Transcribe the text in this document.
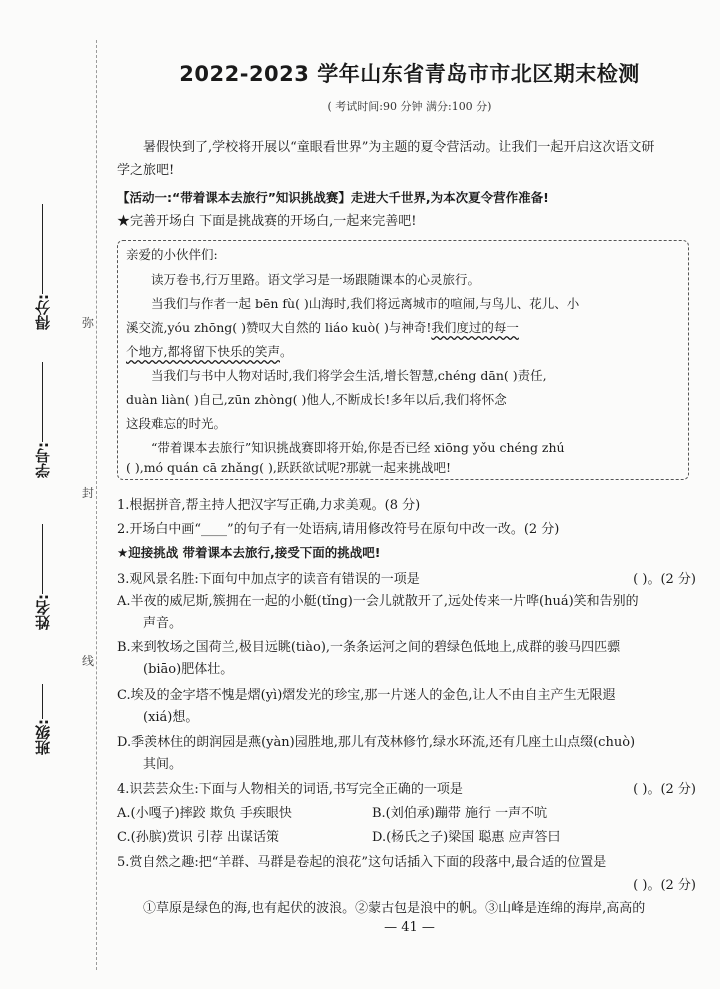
弥
封
线
得分:
学号:
姓名:
班级:
2022-2023 学年山东省青岛市市北区期末检测
( 考试时间:90 分钟 满分:100 分)
暑假快到了,学校将开展以“童眼看世界”为主题的夏令营活动。让我们一起开启这次语文研
学之旅吧!
【活动一:“带着课本去旅行”知识挑战赛】走进大千世界,为本次夏令营作准备!
★完善开场白 下面是挑战赛的开场白,一起来完善吧!
亲爱的小伙伴们:
读万卷书,行万里路。语文学习是一场跟随课本的心灵旅行。
当我们与作者一起 bēn fù( )山海时,我们将远离城市的喧闹,与鸟儿、花儿、小
溪交流,yóu zhōng( )赞叹大自然的 liáo kuò( )与神奇!我们度过的每一
个地方,都将留下快乐的笑声。
当我们与书中人物对话时,我们将学会生活,增长智慧,chéng dān( )责任,
duàn liàn( )自己,zūn zhòng( )他人,不断成长!多年以后,我们将怀念
这段难忘的时光。
“带着课本去旅行”知识挑战赛即将开始,你是否已经 xiōng yǒu chéng zhú
( ),mó quán cā zhǎng( ),跃跃欲试呢?那就一起来挑战吧!
1.根据拼音,帮主持人把汉字写正确,力求美观。(8 分)
2.开场白中画“____”的句子有一处语病,请用修改符号在原句中改一改。(2 分)
★迎接挑战 带着课本去旅行,接受下面的挑战吧!
3.观风景名胜:下面句中加点字的读音有错误的一项是	( )。(2 分)
A.半夜的威尼斯,簇拥在一起的小艇(tǐng)一会儿就散开了,远处传来一片哗(huá)笑和告别的
声音。
B.来到牧场之国荷兰,极目远眺(tiào),一条条运河之间的碧绿色低地上,成群的骏马四匹骠
(biāo)肥体壮。
C.埃及的金字塔不愧是熠(yì)熠发光的珍宝,那一片迷人的金色,让人不由自主产生无限遐
(xiá)想。
D.季羡林住的朗润园是燕(yàn)园胜地,那儿有茂林修竹,绿水环流,还有几座土山点缀(chuò)
其间。
4.识芸芸众生:下面与人物相关的词语,书写完全正确的一项是	( )。(2 分)
A.(小嘎子)摔跤 欺负 手疾眼快	B.(刘伯承)蹦带 施行 一声不吭
C.(孙膑)赏识 引荐 出谋话策	D.(杨氏之子)梁国 聪惠 应声答曰
5.赏自然之趣:把“羊群、马群是卷起的浪花”这句话插入下面的段落中,最合适的位置是
( )。(2 分)
①草原是绿色的海,也有起伏的波浪。②蒙古包是浪中的帆。③山峰是连绵的海岸,高高的
— 41 —
